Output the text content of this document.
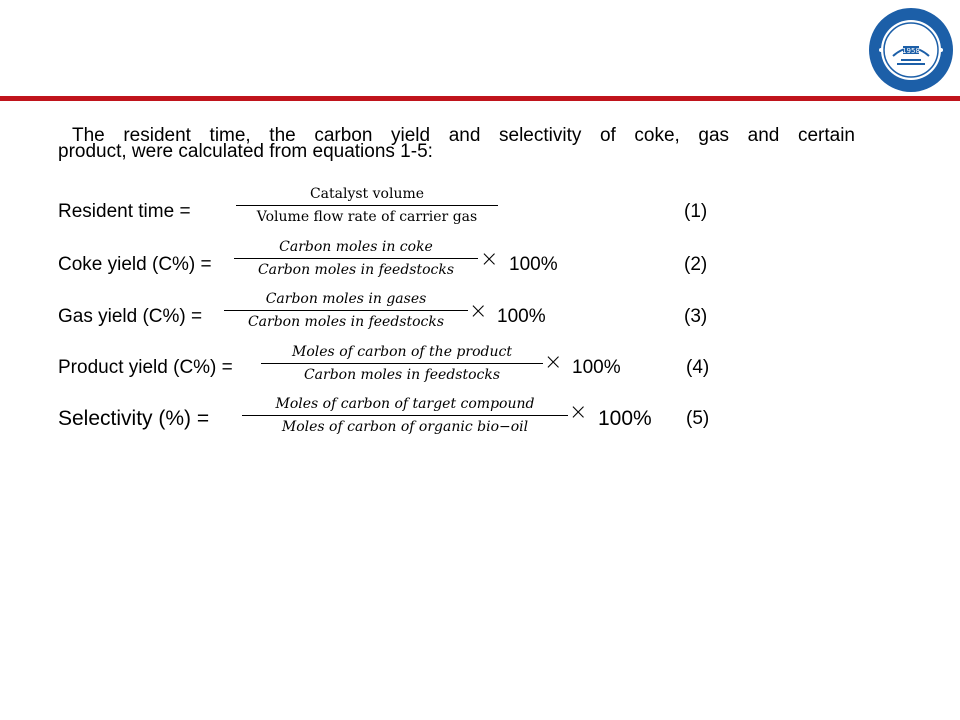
1958
The resident time, the carbon yield and selectivity of coke, gas and certain
product, were calculated from equations 1-5:
Resident time =
Catalyst volume
Volume flow rate of carrier gas	(1)
Coke yield (C%) =
Carbon moles in coke
Carbon moles in feedstocks	× 100%	(2)
Gas yield (C%) =
Carbon moles in gases
Carbon moles in feedstocks	× 100%	(3)
Product yield (C%) =
Moles of carbon of the product
Carbon moles in feedstocks	× 100%	(4)
Selectivity (%) =
Moles of carbon of target compound
Moles of carbon of organic bio−oil
× 100% (5)
